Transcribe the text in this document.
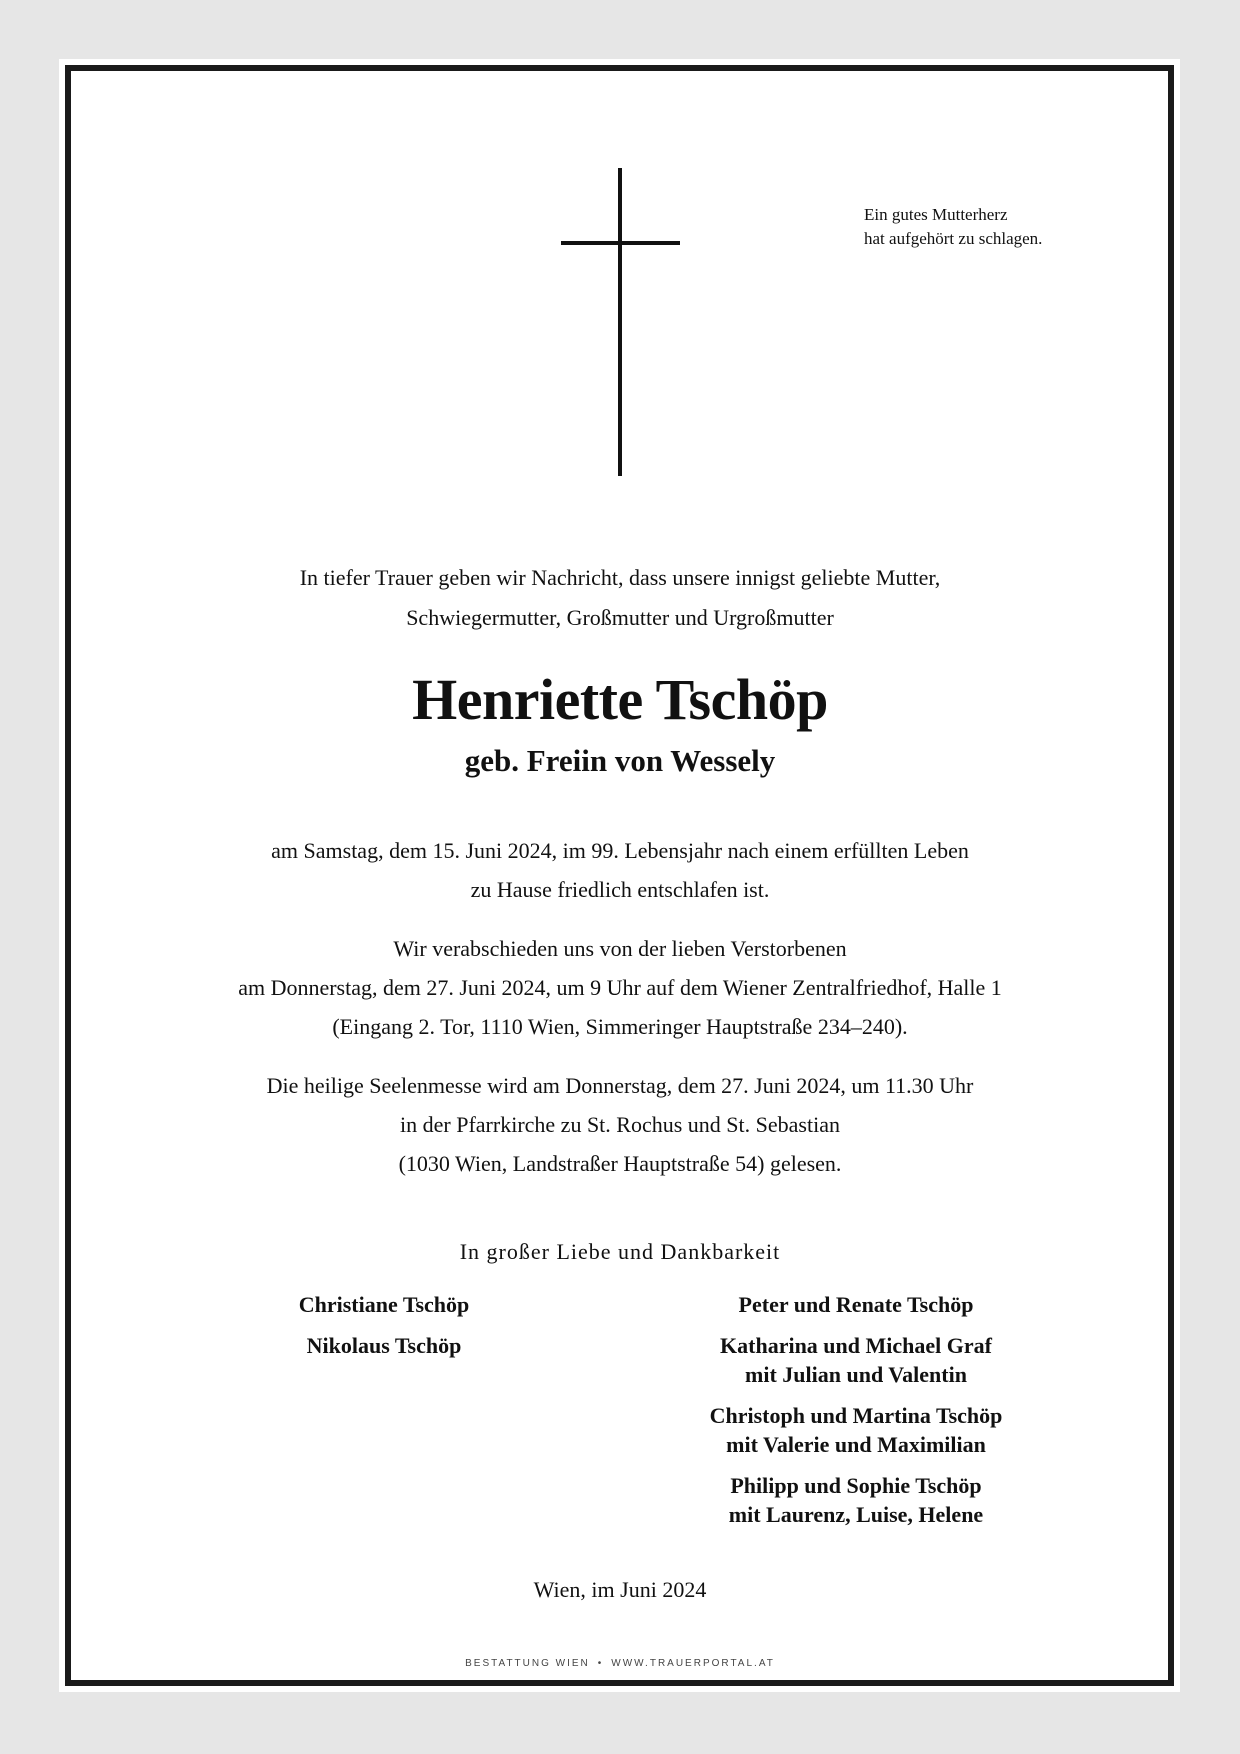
Ein gutes Mutterherz
hat aufgehört zu schlagen.
In tiefer Trauer geben wir Nachricht, dass unsere innigst geliebte Mutter,
Schwiegermutter, Großmutter und Urgroßmutter
Henriette Tschöp
geb. Freiin von Wessely
am Samstag, dem 15. Juni 2024, im 99. Lebensjahr nach einem erfüllten Leben
zu Hause friedlich entschlafen ist.
Wir verabschieden uns von der lieben Verstorbenen
am Donnerstag, dem 27. Juni 2024, um 9 Uhr auf dem Wiener Zentralfriedhof, Halle 1
(Eingang 2. Tor, 1110 Wien, Simmeringer Hauptstraße 234–240).
Die heilige Seelenmesse wird am Donnerstag, dem 27. Juni 2024, um 11.30 Uhr
in der Pfarrkirche zu St. Rochus und St. Sebastian
(1030 Wien, Landstraßer Hauptstraße 54) gelesen.
In großer Liebe und Dankbarkeit
Christiane Tschöp
Nikolaus Tschöp
Peter und Renate Tschöp
Katharina und Michael Graf
mit Julian und Valentin
Christoph und Martina Tschöp
mit Valerie und Maximilian
Philipp und Sophie Tschöp
mit Laurenz, Luise, Helene
Wien, im Juni 2024
BESTATTUNG WIEN • WWW.TRAUERPORTAL.AT
